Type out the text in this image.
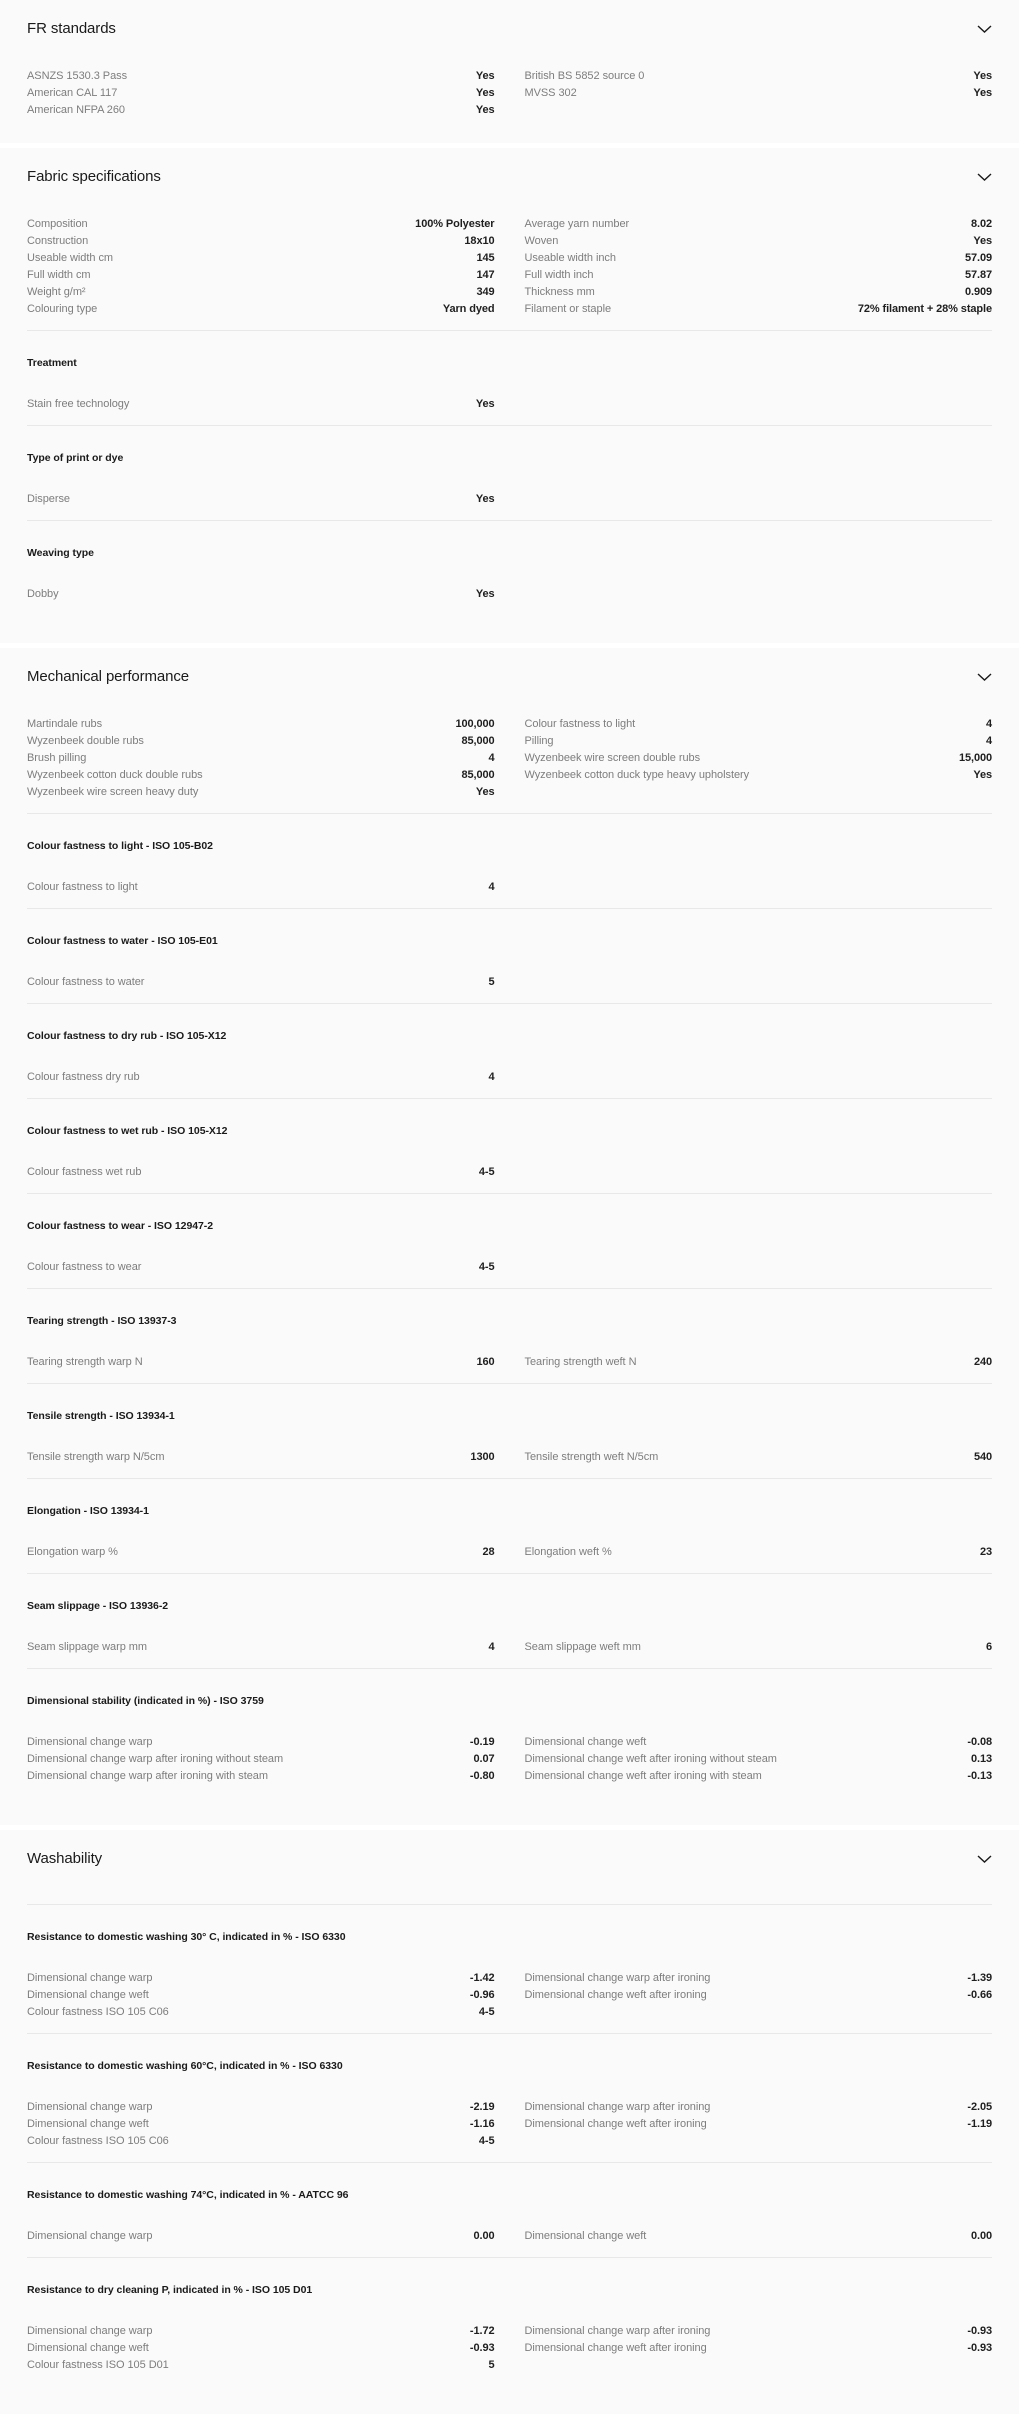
FR standards
ASNZS 1530.3 Pass	Yes	British BS 5852 source 0	Yes
American CAL 117	Yes	MVSS 302	Yes
American NFPA 260	Yes
Fabric specifications
Composition	100% Polyester	Average yarn number	8.02
Construction	18x10	Woven	Yes
Useable width cm	145	Useable width inch	57.09
Full width cm	147	Full width inch	57.87
Weight g/m²	349	Thickness mm	0.909
Colouring type	Yarn dyed	Filament or staple	72% filament + 28% staple
Treatment
Stain free technology	Yes
Type of print or dye
Disperse	Yes
Weaving type
Dobby	Yes
Mechanical performance
Martindale rubs	100,000	Colour fastness to light	4
Wyzenbeek double rubs	85,000	Pilling	4
Brush pilling	4	Wyzenbeek wire screen double rubs	15,000
Wyzenbeek cotton duck double rubs	85,000	Wyzenbeek cotton duck type heavy upholstery	Yes
Wyzenbeek wire screen heavy duty	Yes
Colour fastness to light - ISO 105-B02
Colour fastness to light	4
Colour fastness to water - ISO 105-E01
Colour fastness to water	5
Colour fastness to dry rub - ISO 105-X12
Colour fastness dry rub	4
Colour fastness to wet rub - ISO 105-X12
Colour fastness wet rub	4-5
Colour fastness to wear - ISO 12947-2
Colour fastness to wear	4-5
Tearing strength - ISO 13937-3
Tearing strength warp N	160	Tearing strength weft N	240
Tensile strength - ISO 13934-1
Tensile strength warp N/5cm	1300	Tensile strength weft N/5cm	540
Elongation - ISO 13934-1
Elongation warp %	28	Elongation weft %	23
Seam slippage - ISO 13936-2
Seam slippage warp mm	4	Seam slippage weft mm	6
Dimensional stability (indicated in %) - ISO 3759
Dimensional change warp	-0.19	Dimensional change weft	-0.08
Dimensional change warp after ironing without steam	0.07	Dimensional change weft after ironing without steam	0.13
Dimensional change warp after ironing with steam	-0.80	Dimensional change weft after ironing with steam	-0.13
Washability
Resistance to domestic washing 30° C, indicated in % - ISO 6330
Dimensional change warp	-1.42	Dimensional change warp after ironing	-1.39
Dimensional change weft	-0.96	Dimensional change weft after ironing	-0.66
Colour fastness ISO 105 C06	4-5
Resistance to domestic washing 60°C, indicated in % - ISO 6330
Dimensional change warp	-2.19	Dimensional change warp after ironing	-2.05
Dimensional change weft	-1.16	Dimensional change weft after ironing	-1.19
Colour fastness ISO 105 C06	4-5
Resistance to domestic washing 74°C, indicated in % - AATCC 96
Dimensional change warp	0.00	Dimensional change weft	0.00
Resistance to dry cleaning P, indicated in % - ISO 105 D01
Dimensional change warp	-1.72	Dimensional change warp after ironing	-0.93
Dimensional change weft	-0.93	Dimensional change weft after ironing	-0.93
Colour fastness ISO 105 D01	5
